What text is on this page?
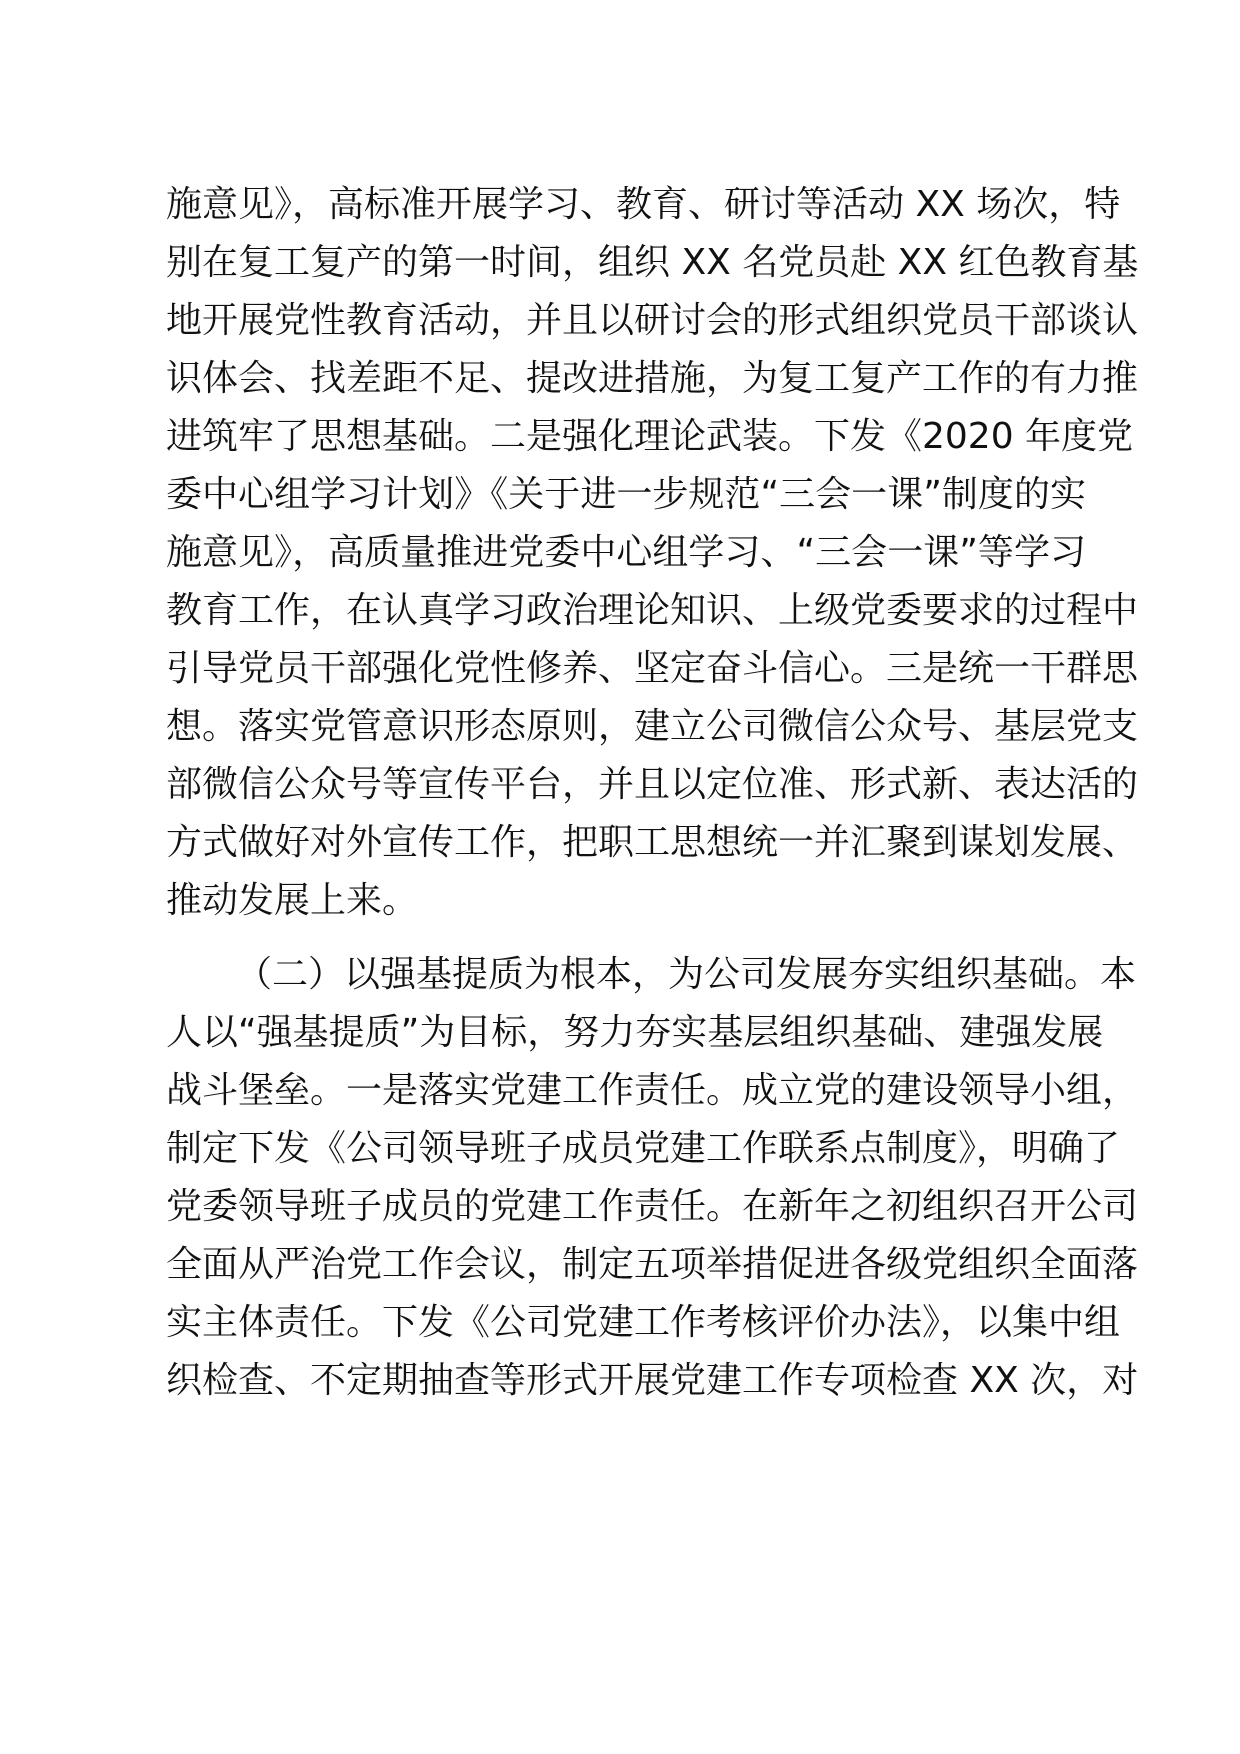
施意见》，高标准开展学习、教育、研讨等活动 XX 场次，特
别在复工复产的第一时间，组织 XX 名党员赴 XX 红色教育基
地开展党性教育活动，并且以研讨会的形式组织党员干部谈认
识体会、找差距不足、提改进措施，为复工复产工作的有力推
进筑牢了思想基础。二是强化理论武装。下发《2020 年度党
委中心组学习计划》《关于进一步规范“三会一课”制度的实
施意见》，高质量推进党委中心组学习、“三会一课”等学习
教育工作，在认真学习政治理论知识、上级党委要求的过程中
引导党员干部强化党性修养、坚定奋斗信心。三是统一干群思
想。落实党管意识形态原则，建立公司微信公众号、基层党支
部微信公众号等宣传平台，并且以定位准、形式新、表达活的
方式做好对外宣传工作，把职工思想统一并汇聚到谋划发展、
推动发展上来。
（二）以强基提质为根本，为公司发展夯实组织基础。本
人以“强基提质”为目标，努力夯实基层组织基础、建强发展
战斗堡垒。一是落实党建工作责任。成立党的建设领导小组，
制定下发《公司领导班子成员党建工作联系点制度》，明确了
党委领导班子成员的党建工作责任。在新年之初组织召开公司
全面从严治党工作会议，制定五项举措促进各级党组织全面落
实主体责任。下发《公司党建工作考核评价办法》，以集中组
织检查、不定期抽查等形式开展党建工作专项检查 XX 次，对
